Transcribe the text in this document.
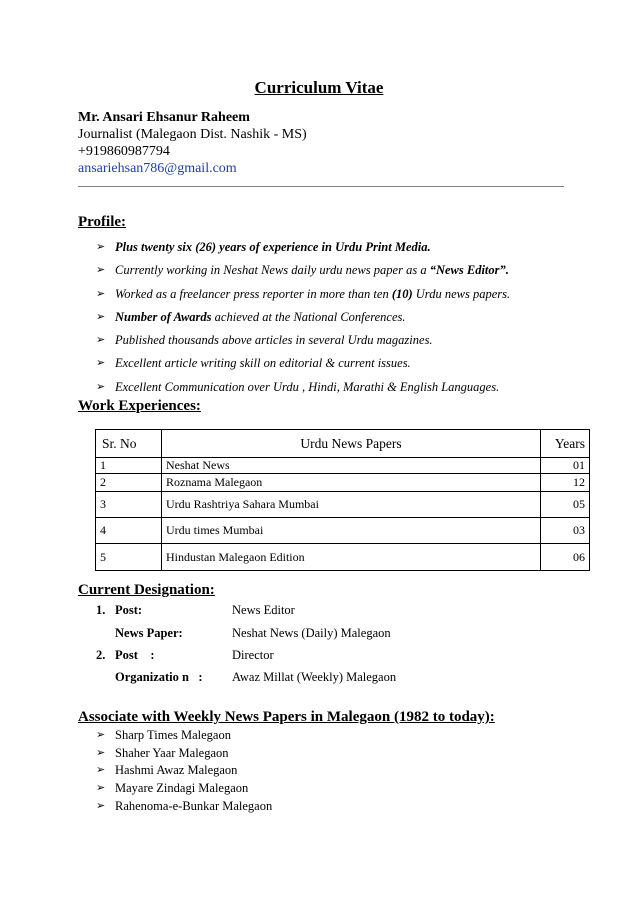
Curriculum Vitae
Mr. Ansari Ehsanur Raheem
Journalist (Malegaon Dist. Nashik - MS)
+919860987794
ansariehsan786@gmail.com
Profile:
➢ Plus twenty six (26) years of experience in Urdu Print Media.
➢ Currently working in Neshat News daily urdu news paper as a “News Editor”.
➢ Worked as a freelancer press reporter in more than ten (10) Urdu news papers.
➢ Number of Awards achieved at the National Conferences.
➢ Published thousands above articles in several Urdu magazines.
➢ Excellent article writing skill on editorial & current issues.
➢ Excellent Communication over Urdu , Hindi, Marathi & English Languages.
Work Experiences:
Sr. No	Urdu News Papers	Years
1	Neshat News	01
2	Roznama Malegaon	12
3	Urdu Rashtriya Sahara Mumbai	05
4	Urdu times Mumbai	03
5	Hindustan Malegaon Edition	06
Current Designation:
1. Post:	News Editor
News Paper:	Neshat News (Daily) Malegaon
2. Post    :	Director
Organizatio n   : Awaz Millat (Weekly) Malegaon
Associate with Weekly News Papers in Malegaon (1982 to today):
➢ Sharp Times Malegaon
➢ Shaher Yaar Malegaon
➢ Hashmi Awaz Malegaon
➢ Mayare Zindagi Malegaon
➢ Rahenoma-e-Bunkar Malegaon
